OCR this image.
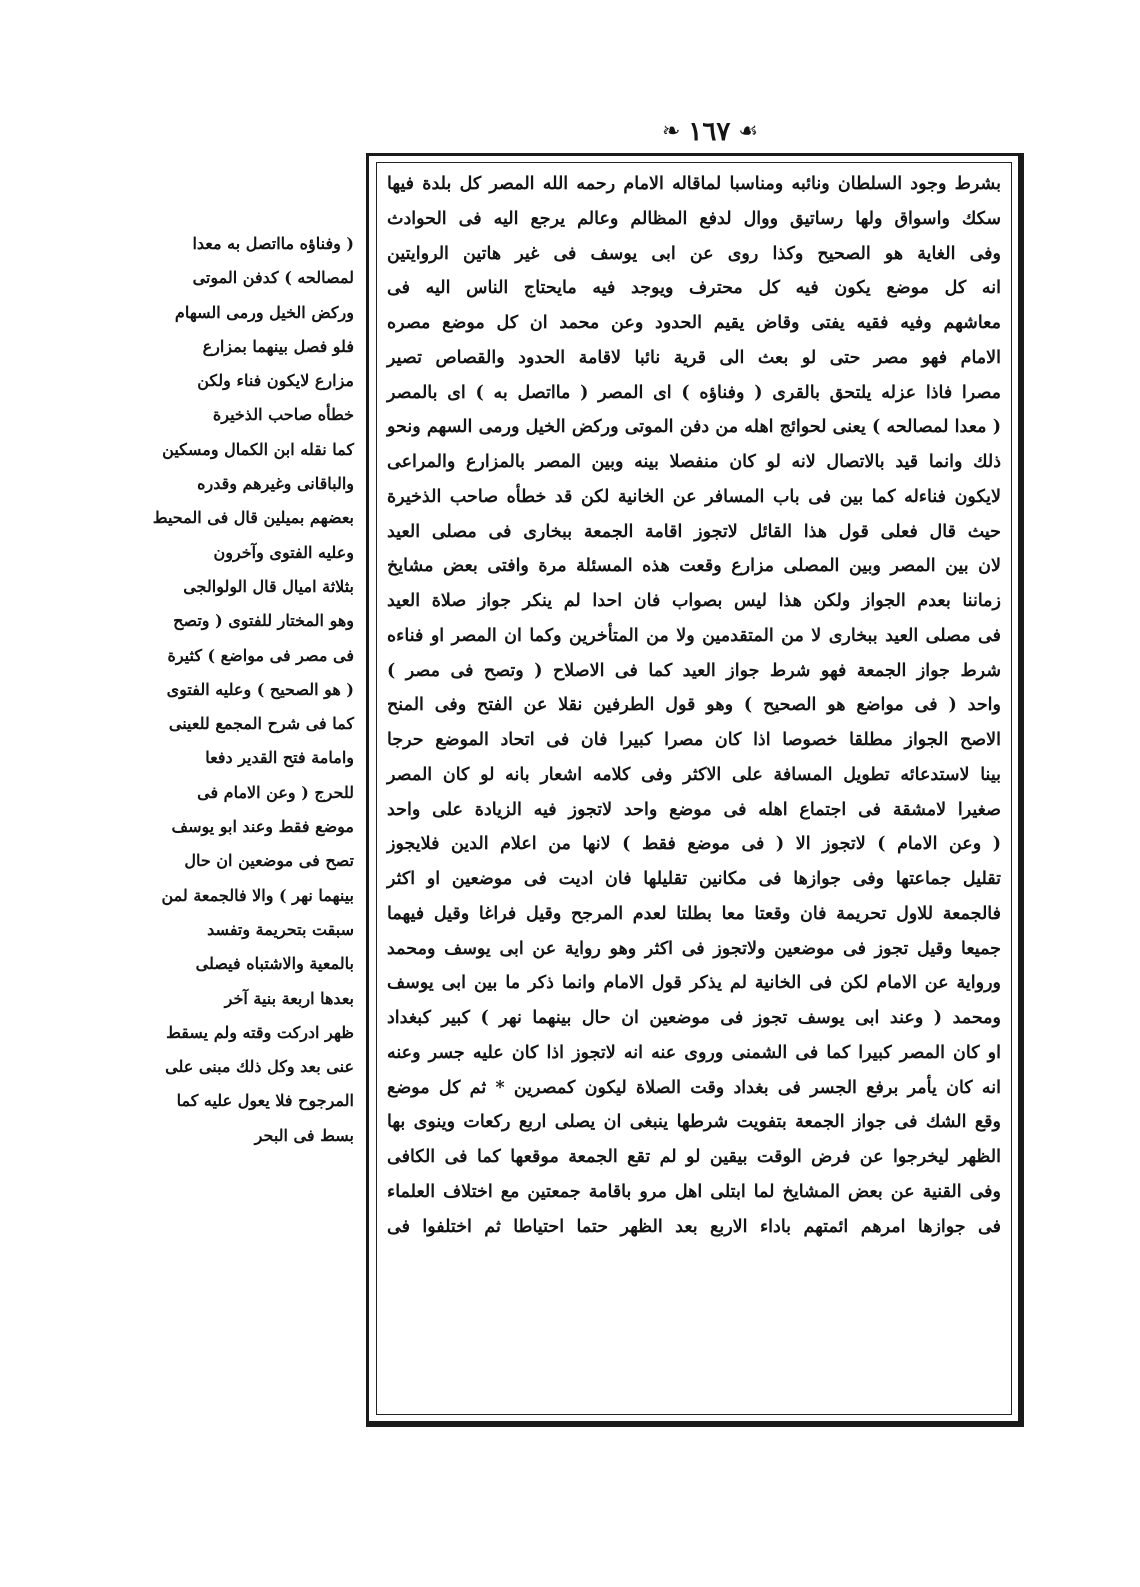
❧ ١٦٧ ☙
بشرط وجود السلطان ونائبه ومناسبا لماقاله الامام رحمه الله المصر كل بلدة فيها
سكك واسواق ولها رساتيق ووال لدفع المظالم وعالم يرجع اليه فى الحوادث
وفى الغاية هو الصحيح وكذا روى عن ابى يوسف فى غير هاتين الروايتين
انه كل موضع يكون فيه كل محترف ويوجد فيه مايحتاج الناس اليه فى
معاشهم وفيه فقيه يفتى وقاض يقيم الحدود وعن محمد ان كل موضع مصره
الامام فهو مصر حتى لو بعث الى قرية نائبا لاقامة الحدود والقصاص تصير
مصرا فاذا عزله يلتحق بالقرى ( وفناؤه ) اى المصر ( مااتصل به ) اى بالمصر
( معدا لمصالحه ) يعنى لحوائج اهله من دفن الموتى وركض الخيل ورمى السهم ونحو
ذلك وانما قيد بالاتصال لانه لو كان منفصلا بينه وبين المصر بالمزارع والمراعى
لايكون فناءله كما بين فى باب المسافر عن الخانية لكن قد خطأه صاحب الذخيرة
حيث قال فعلى قول هذا القائل لاتجوز اقامة الجمعة ببخارى فى مصلى العيد
لان بين المصر وبين المصلى مزارع وقعت هذه المسئلة مرة وافتى بعض مشايخ
زماننا بعدم الجواز ولكن هذا ليس بصواب فان احدا لم ينكر جواز صلاة العيد
فى مصلى العيد ببخارى لا من المتقدمين ولا من المتأخرين وكما ان المصر او فناءه
شرط جواز الجمعة فهو شرط جواز العيد كما فى الاصلاح ( وتصح فى مصر )
واحد ( فى مواضع هو الصحيح ) وهو قول الطرفين نقلا عن الفتح وفى المنح
الاصح الجواز مطلقا خصوصا اذا كان مصرا كبيرا فان فى اتحاد الموضع حرجا
بينا لاستدعائه تطويل المسافة على الاكثر وفى كلامه اشعار بانه لو كان المصر
صغيرا لامشقة فى اجتماع اهله فى موضع واحد لاتجوز فيه الزيادة على واحد
( وعن الامام ) لاتجوز الا ( فى موضع فقط ) لانها من اعلام الدين فلايجوز
تقليل جماعتها وفى جوازها فى مكانين تقليلها فان اديت فى موضعين او اكثر
فالجمعة للاول تحريمة فان وقعتا معا بطلتا لعدم المرجح وقيل فراغا وقيل فيهما
جميعا وقيل تجوز فى موضعين ولاتجوز فى اكثر وهو رواية عن ابى يوسف ومحمد
ورواية عن الامام لكن فى الخانية لم يذكر قول الامام وانما ذكر ما بين ابى يوسف
ومحمد ( وعند ابى يوسف تجوز فى موضعين ان حال بينهما نهر ) كبير كبغداد
او كان المصر كبيرا كما فى الشمنى وروى عنه انه لاتجوز اذا كان عليه جسر وعنه
انه كان يأمر برفع الجسر فى بغداد وقت الصلاة ليكون كمصرين * ثم كل موضع
وقع الشك فى جواز الجمعة بتفويت شرطها ينبغى ان يصلى اربع ركعات وينوى بها
الظهر ليخرجوا عن فرض الوقت بيقين لو لم تقع الجمعة موقعها كما فى الكافى
وفى القنية عن بعض المشايخ لما ابتلى اهل مرو باقامة جمعتين مع اختلاف العلماء
فى جوازها امرهم ائمتهم باداء الاربع بعد الظهر حتما احتياطا ثم اختلفوا فى
( وفناؤه مااتصل به معدا
لمصالحه ) كدفن الموتى
وركض الخيل ورمى السهام
فلو فصل بينهما بمزارع
مزارع لايكون فناء ولكن
خطأه صاحب الذخيرة
كما نقله ابن الكمال ومسكين
والباقانى وغيرهم وقدره
بعضهم بميلين قال فى المحيط
وعليه الفتوى وآخرون
بثلاثة اميال قال الولوالجى
وهو المختار للفتوى ( وتصح
فى مصر فى مواضع ) كثيرة
( هو الصحيح ) وعليه الفتوى
كما فى شرح المجمع للعينى
وامامة فتح القدير دفعا
للحرج ( وعن الامام فى
موضع فقط وعند ابو يوسف
تصح فى موضعين ان حال
بينهما نهر ) والا فالجمعة لمن
سبقت بتحريمة وتفسد
بالمعية والاشتباه فيصلى
بعدها اربعة بنية آخر
ظهر ادركت وقته ولم يسقط
عنى بعد وكل ذلك مبنى على
المرجوح فلا يعول عليه كما
بسط فى البحر
